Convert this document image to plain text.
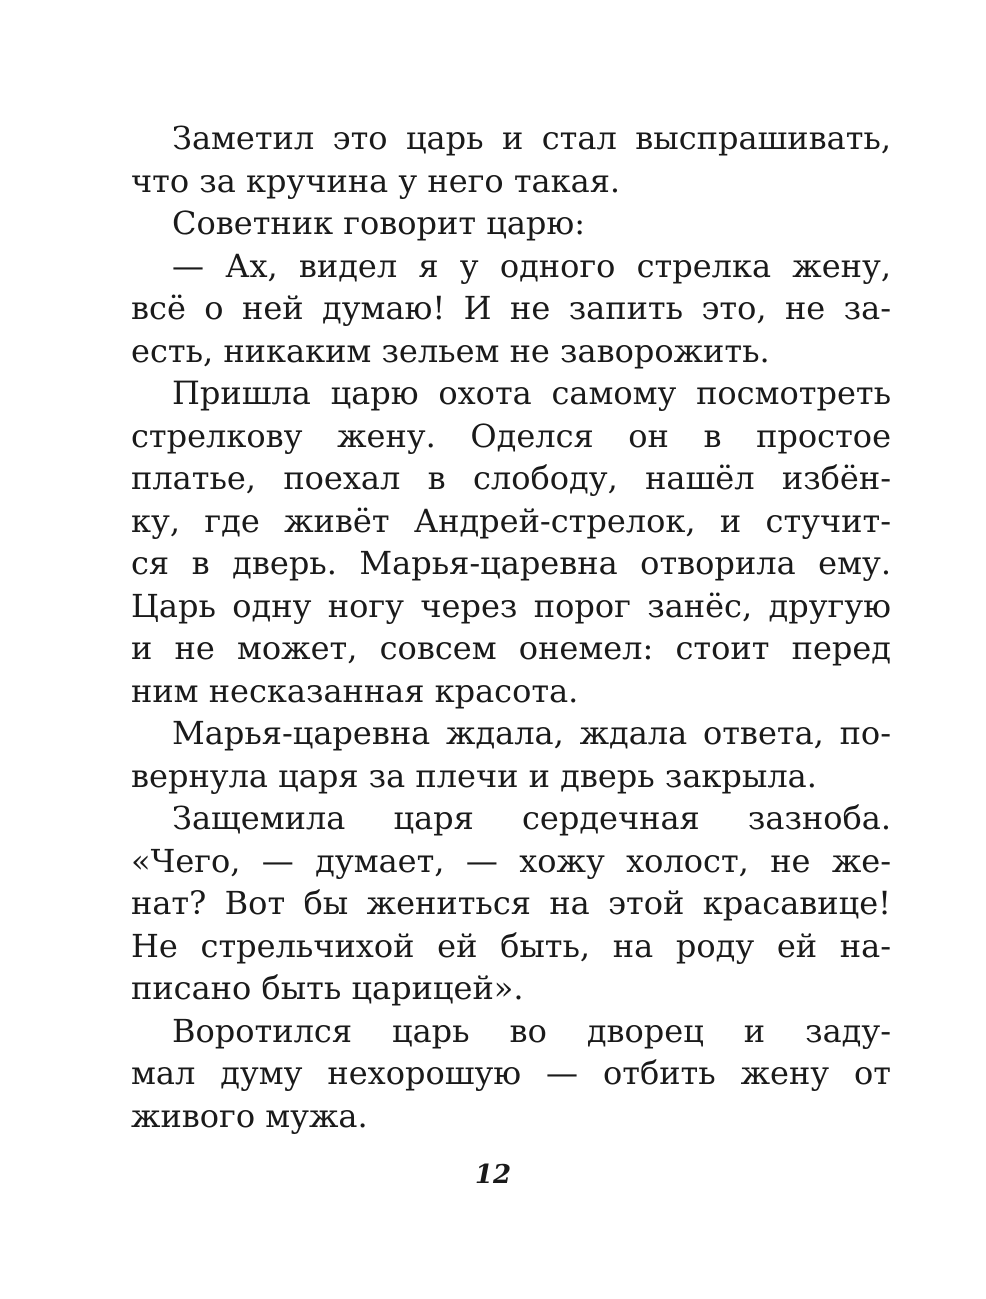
Заметил это царь и стал выспрашивать,
что за кручина у него такая.
Советник говорит царю:
— Ах, видел я у одного стрелка жену,
всё о ней думаю! И не запить это, не за-
есть, никаким зельем не заворожить.
Пришла царю охота самому посмотреть
стрелкову жену. Оделся он в простое
платье, поехал в слободу, нашёл избён-
ку, где живёт Андрей-стрелок, и стучит-
ся в дверь. Марья-царевна отворила ему.
Царь одну ногу через порог занёс, другую
и не может, совсем онемел: стоит перед
ним несказанная красота.
Марья-царевна ждала, ждала ответа, по-
вернула царя за плечи и дверь закрыла.
Защемила царя сердечная зазноба.
«Чего, — думает, — хожу холост, не же-
нат? Вот бы жениться на этой красавице!
Не стрельчихой ей быть, на роду ей на-
писано быть царицей».
Воротился царь во дворец и заду-
мал думу нехорошую — отбить жену от
живого мужа.
12
